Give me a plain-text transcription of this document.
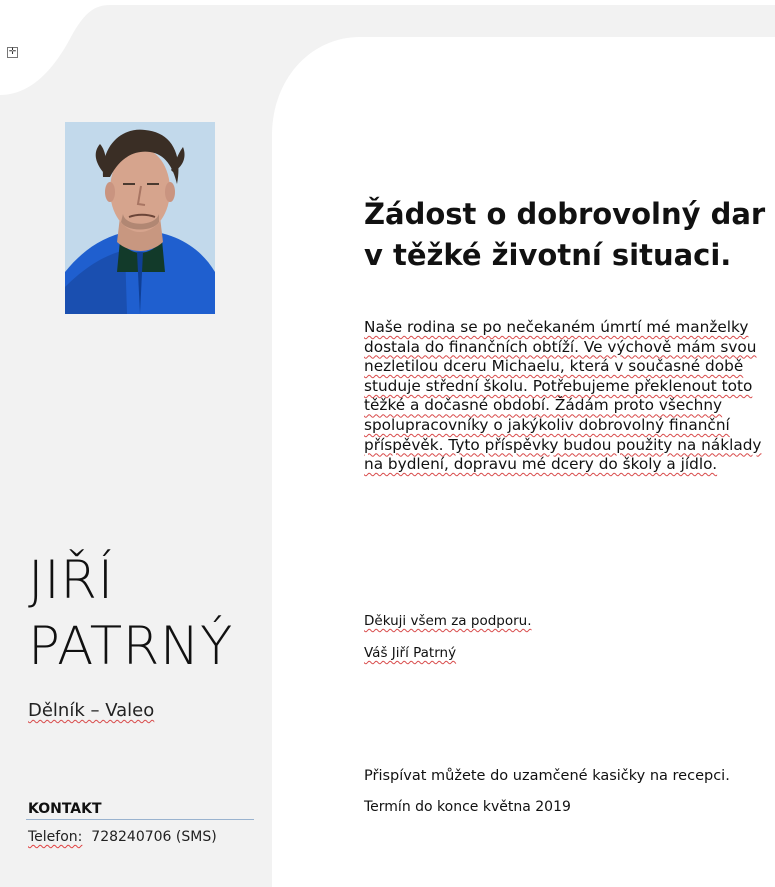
✛
JIŘÍ
PATRNÝ
Dělník – Valeo
KONTAKT
Telefon: 728240706 (SMS)
Žádost o dobrovolný dar v těžké životní situaci.
Naše rodina se po nečekaném úmrtí mé manželky dostala do finančních obtíží. Ve výchově mám svou nezletilou dceru Michaelu, která v současné době studuje střední školu. Potřebujeme překlenout toto těžké a dočasné období. Žádám proto všechny spolupracovníky o jakýkoliv dobrovolný finanční příspěvěk. Tyto příspěvky budou použity na náklady na bydlení, dopravu mé dcery do školy a jídlo.
Děkuji všem za podporu.
Váš Jiří Patrný
Přispívat můžete do uzamčené kasičky na recepci.
Termín do konce května 2019
